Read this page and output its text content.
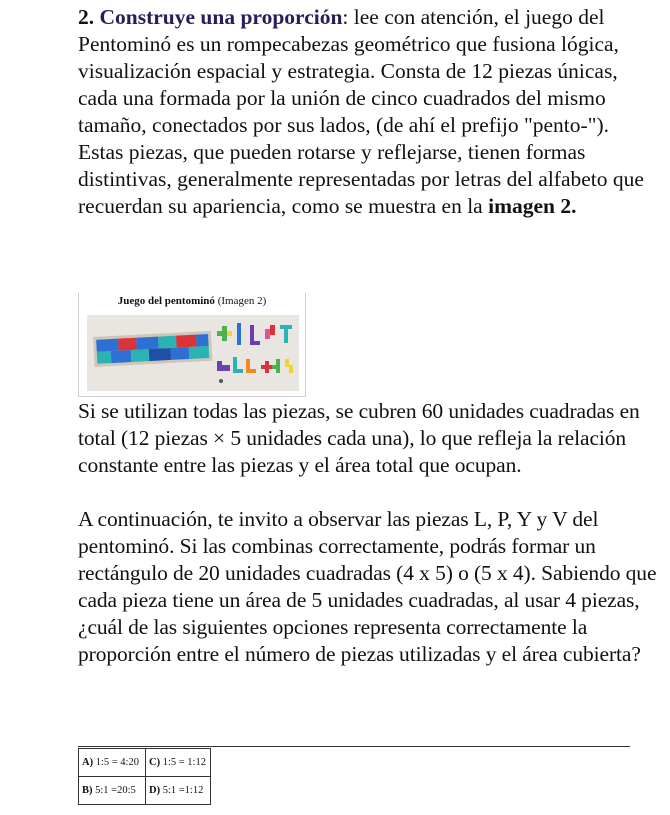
2. Construye una proporción: lee con atención, el juego del Pentominó es un rompecabezas geométrico que fusiona lógica, visualización espacial y estrategia. Consta de 12 piezas únicas, cada una formada por la unión de cinco cuadrados del mismo tamaño, conectados por sus lados, (de ahí el prefijo "pento-"). Estas piezas, que pueden rotarse y reflejarse, tienen formas distintivas, generalmente representadas por letras del alfabeto que recuerdan su apariencia, como se muestra en la imagen 2.
Juego del pentominó (Imagen 2)
Si se utilizan todas las piezas, se cubren 60 unidades cuadradas en total (12 piezas × 5 unidades cada una), lo que refleja la relación constante entre las piezas y el área total que ocupan.
A continuación, te invito a observar las piezas L, P, Y y V del pentominó. Si las combinas correctamente, podrás formar un rectángulo de 20 unidades cuadradas (4 x 5) o (5 x 4). Sabiendo que cada pieza tiene un área de 5 unidades cuadradas, al usar 4 piezas, ¿cuál de las siguientes opciones representa correctamente la proporción entre el número de piezas utilizadas y el área cubierta?
A) 1:5 = 4:20	C) 1:5 = 1:12
B) 5:1 =20:5	D) 5:1 =1:12
